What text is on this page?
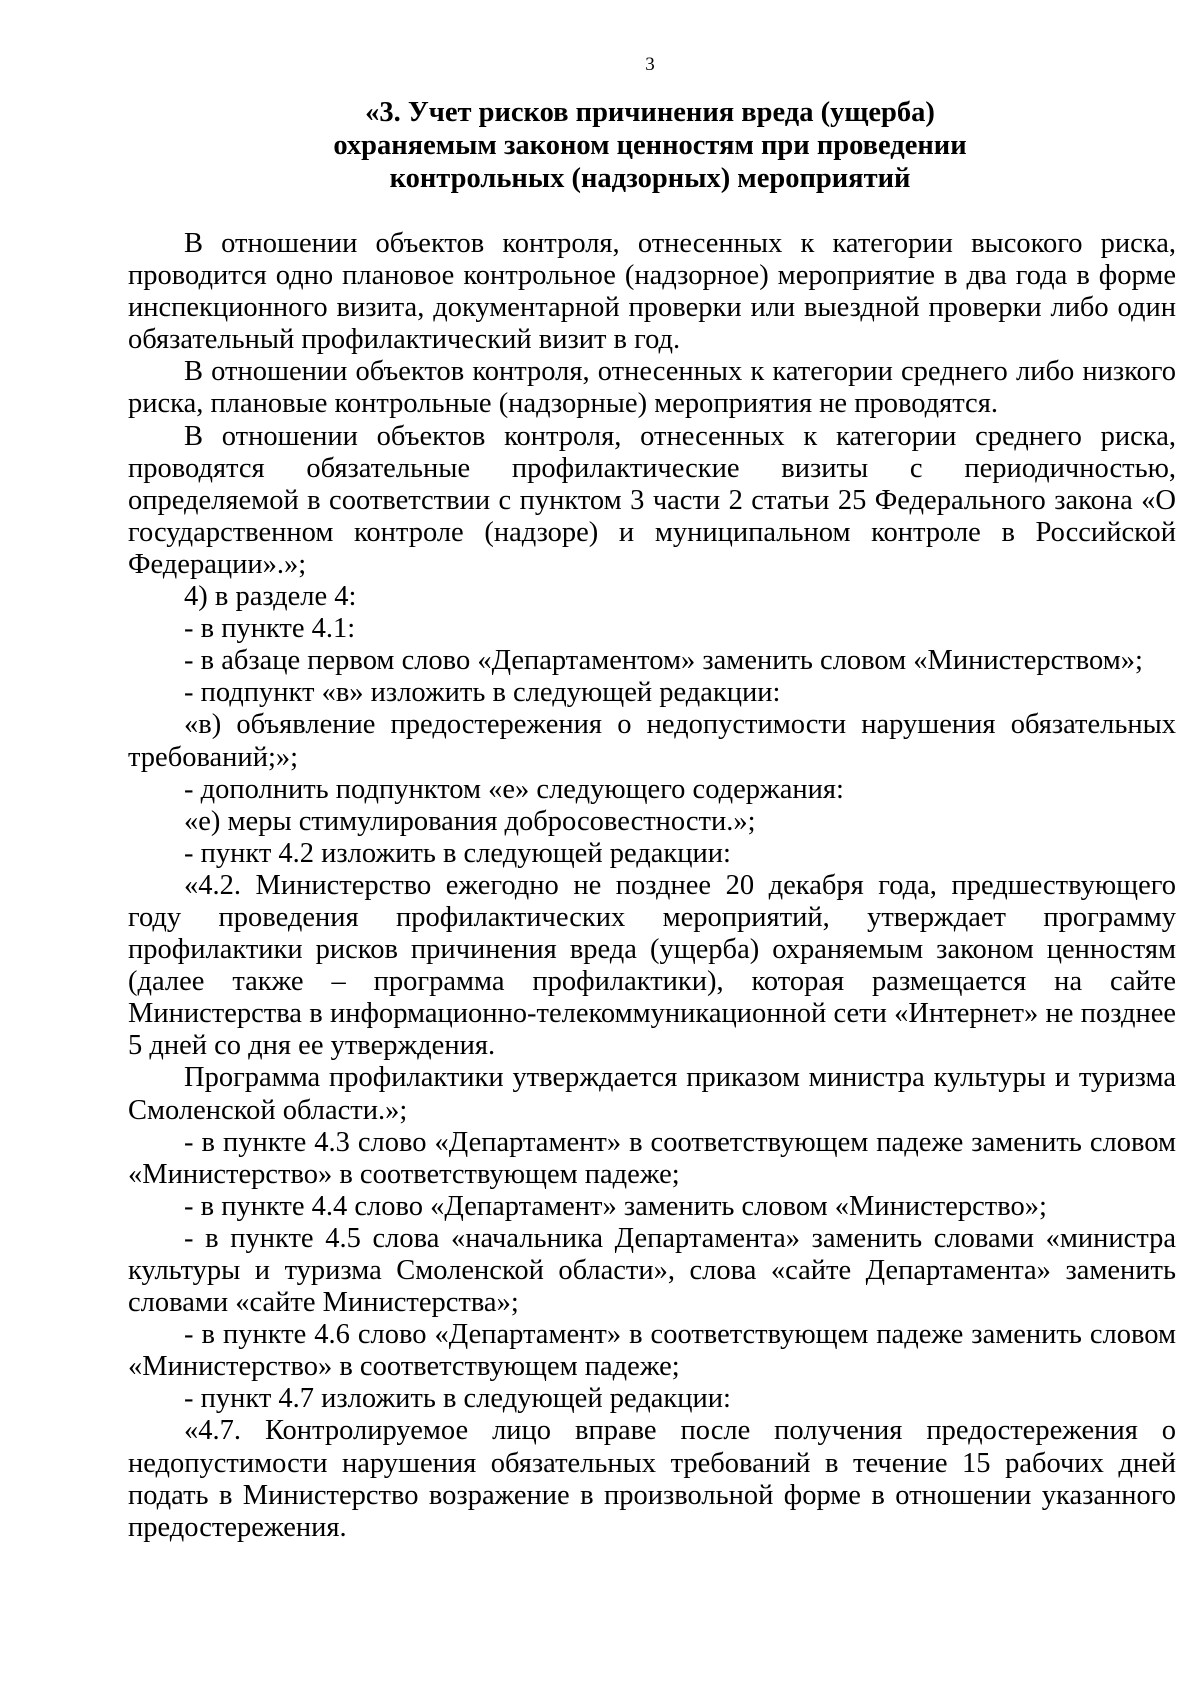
3
«3. Учет рисков причинения вреда (ущерба)
охраняемым законом ценностям при проведении
контрольных (надзорных) мероприятий

В отношении объектов контроля, отнесенных к категории высокого риска, проводится одно плановое контрольное (надзорное) мероприятие в два года в форме инспекционного визита, документарной проверки или выездной проверки либо один обязательный профилактический визит в год.

В отношении объектов контроля, отнесенных к категории среднего либо низкого риска, плановые контрольные (надзорные) мероприятия не проводятся.

В отношении объектов контроля, отнесенных к категории среднего риска, проводятся обязательные профилактические визиты с периодичностью, определяемой в соответствии с пунктом 3 части 2 статьи 25 Федерального закона «О государственном контроле (надзоре) и муниципальном контроле в Российской Федерации».»;

4) в разделе 4:

- в пункте 4.1:

- в абзаце первом слово «Департаментом» заменить словом «Министерством»;

- подпункт «в» изложить в следующей редакции:

«в) объявление предостережения о недопустимости нарушения обязательных требований;»;

- дополнить подпунктом «е» следующего содержания:

«е) меры стимулирования добросовестности.»;

- пункт 4.2 изложить в следующей редакции:

«4.2. Министерство ежегодно не позднее 20 декабря года, предшествующего году проведения профилактических мероприятий, утверждает программу профилактики рисков причинения вреда (ущерба) охраняемым законом ценностям (далее также – программа профилактики), которая размещается на сайте Министерства в информационно-телекоммуникационной сети «Интернет» не позднее 5 дней со дня ее утверждения.

Программа профилактики утверждается приказом министра культуры и туризма Смоленской области.»;

- в пункте 4.3 слово «Департамент» в соответствующем падеже заменить словом «Министерство» в соответствующем падеже;

- в пункте 4.4 слово «Департамент» заменить словом «Министерство»;

- в пункте 4.5 слова «начальника Департамента» заменить словами «министра культуры и туризма Смоленской области», слова «сайте Департамента» заменить словами «сайте Министерства»;

- в пункте 4.6 слово «Департамент» в соответствующем падеже заменить словом «Министерство» в соответствующем падеже;

- пункт 4.7 изложить в следующей редакции:

«4.7. Контролируемое лицо вправе после получения предостережения о недопустимости нарушения обязательных требований в течение 15 рабочих дней подать в Министерство возражение в произвольной форме в отношении указанного предостережения.
